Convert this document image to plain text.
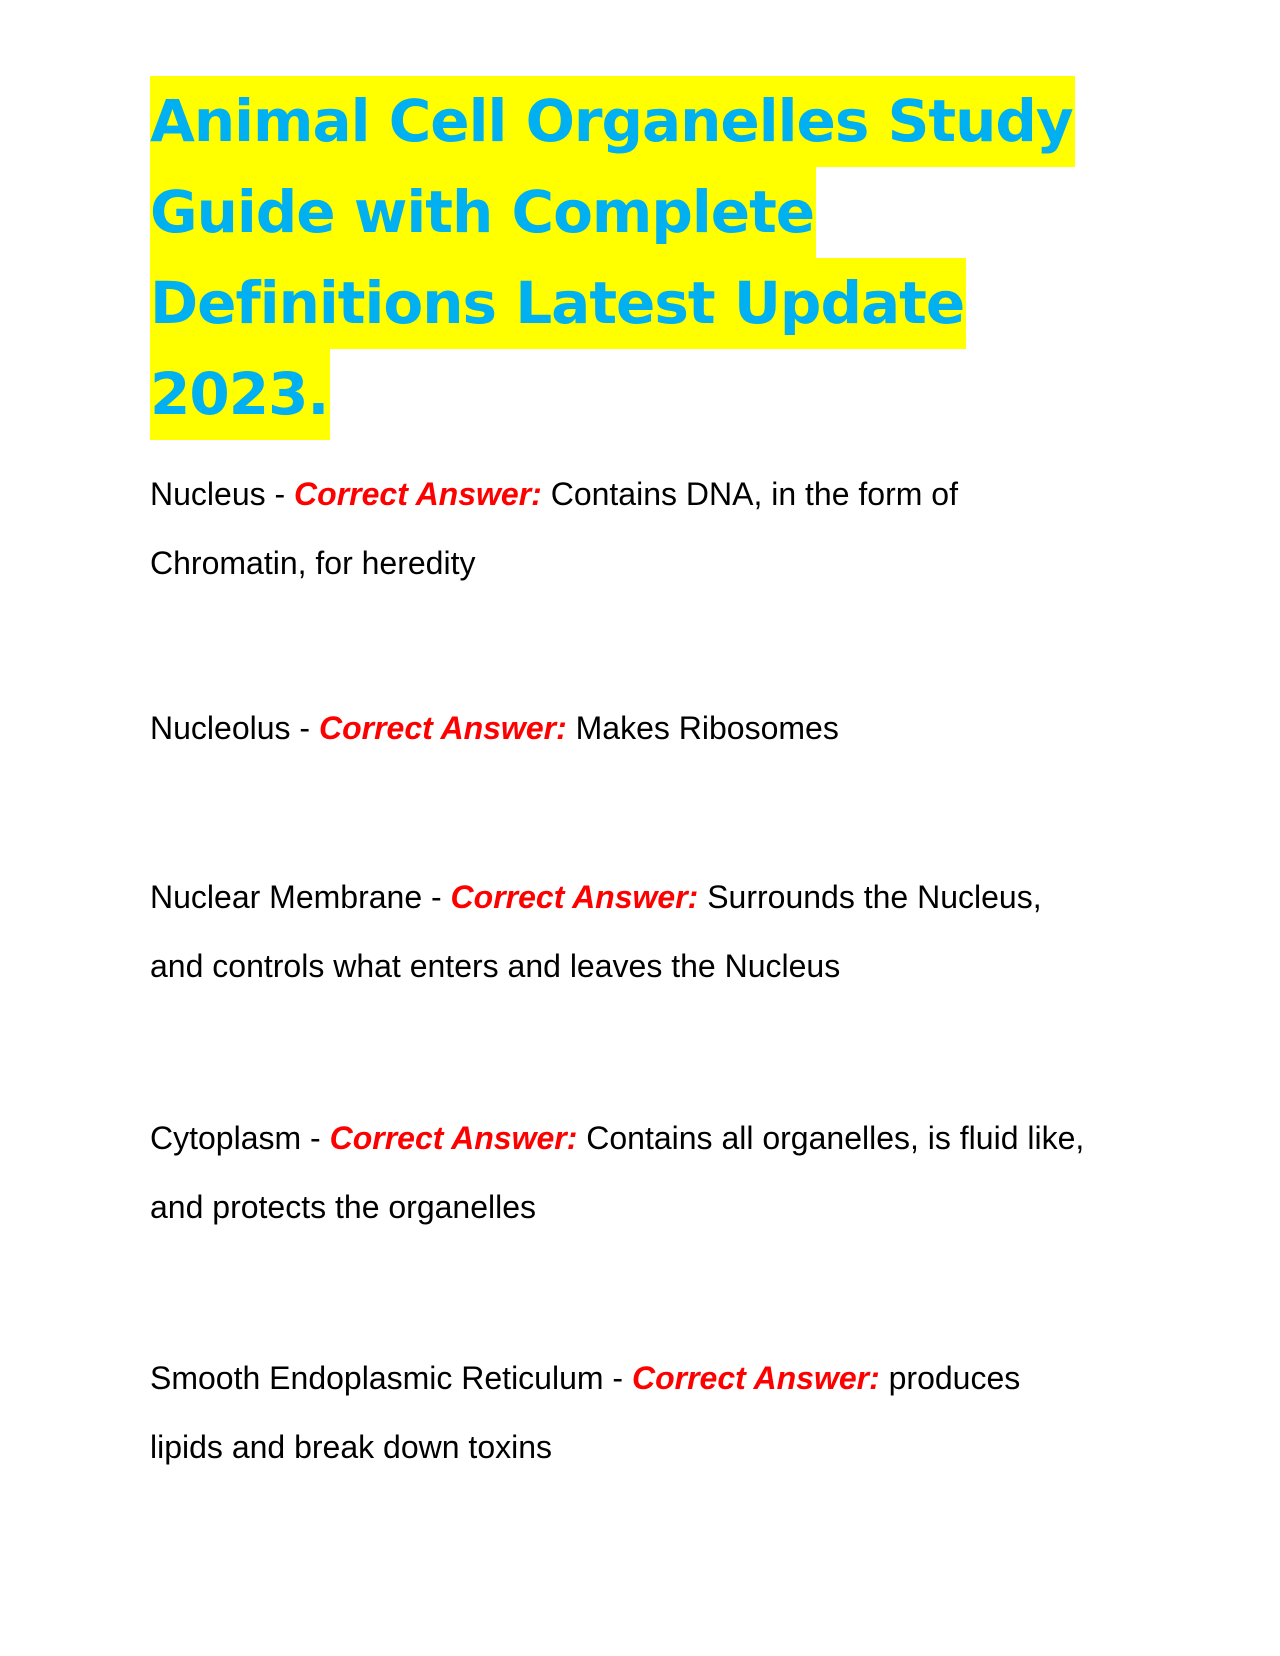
Animal Cell Organelles Study
Guide with Complete
Definitions Latest Update
2023.
Nucleus - Correct Answer: Contains DNA, in the form of
Chromatin, for heredity
Nucleolus - Correct Answer: Makes Ribosomes
Nuclear Membrane - Correct Answer: Surrounds the Nucleus,
and controls what enters and leaves the Nucleus
Cytoplasm - Correct Answer: Contains all organelles, is fluid like,
and protects the organelles
Smooth Endoplasmic Reticulum - Correct Answer: produces
lipids and break down toxins
